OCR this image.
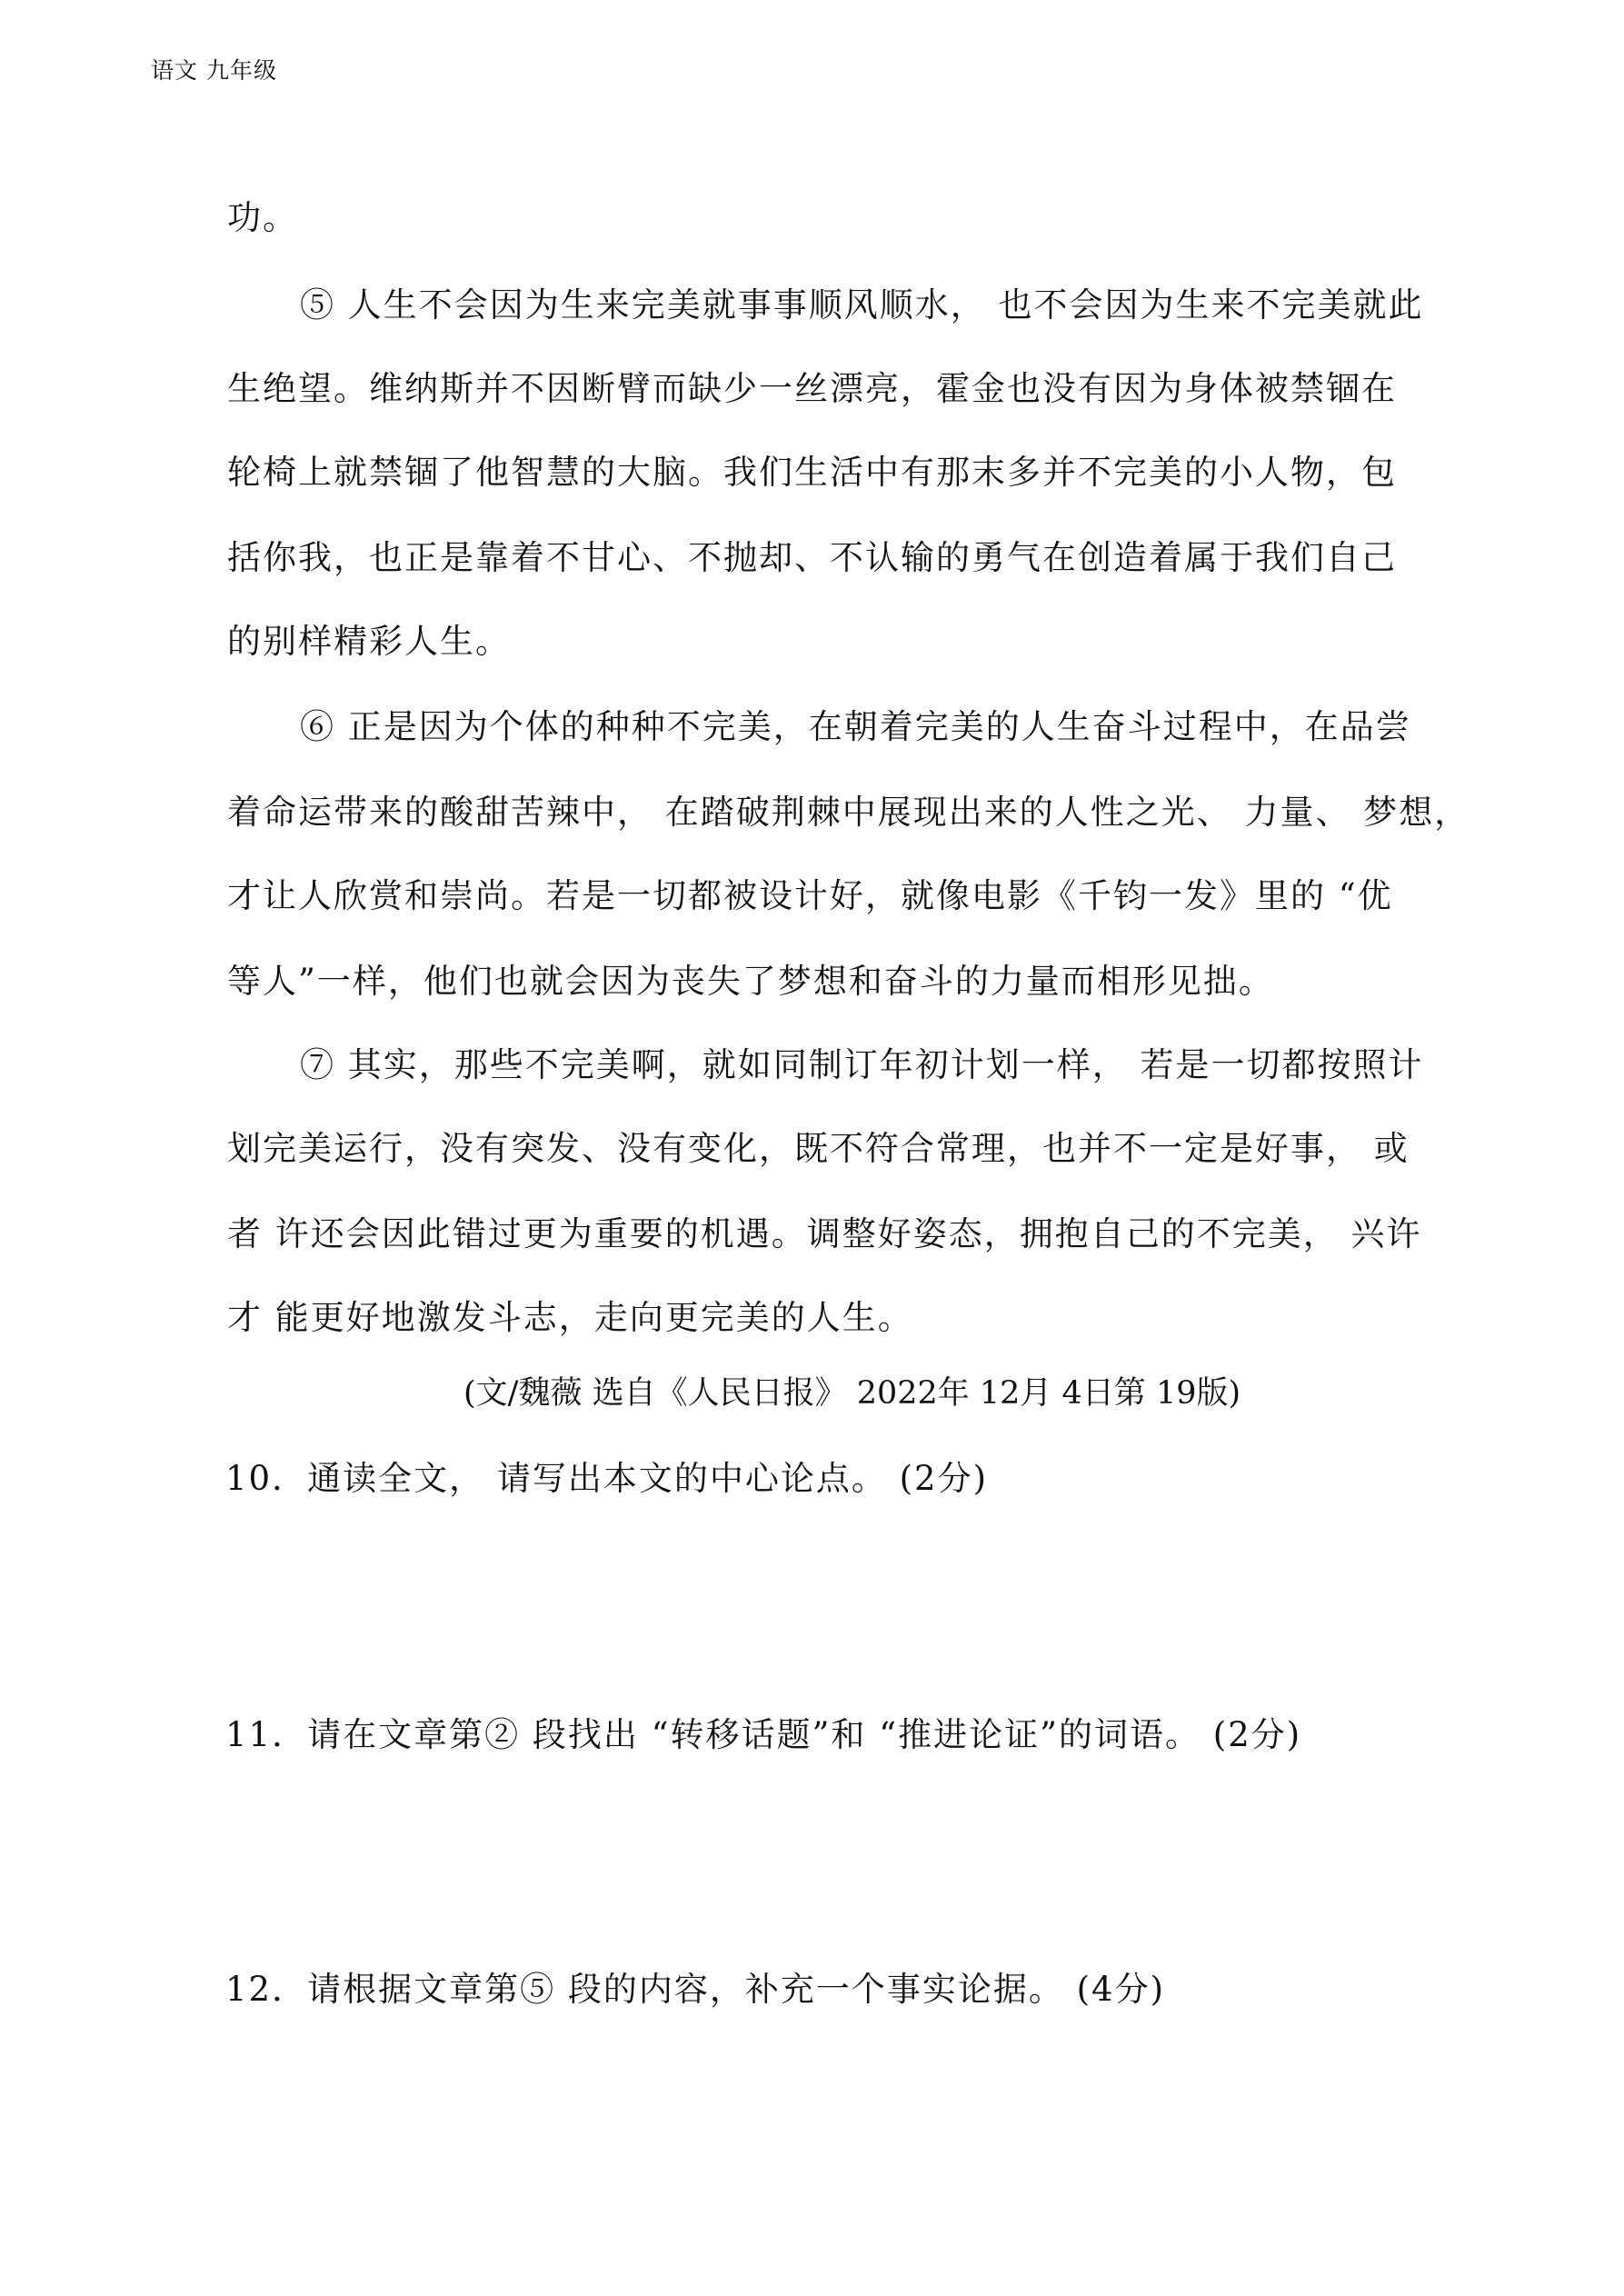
语文 九年级
功。
⑤ 人生不会因为生来完美就事事顺风顺水， 也不会因为生来不完美就此
生绝望。维纳斯并不因断臂而缺少一丝漂亮，霍金也没有因为身体被禁锢在
轮椅上就禁锢了他智慧的大脑。我们生活中有那末多并不完美的小人物，包
括你我，也正是靠着不甘心、不抛却、不认输的勇气在创造着属于我们自己
的别样精彩人生。
⑥ 正是因为个体的种种不完美，在朝着完美的人生奋斗过程中，在品尝
着命运带来的酸甜苦辣中， 在踏破荆棘中展现出来的人性之光、 力量、 梦想，
才让人欣赏和崇尚。若是一切都被设计好，就像电影《千钧一发》里的 “优
等人”一样，他们也就会因为丧失了梦想和奋斗的力量而相形见拙。
⑦ 其实，那些不完美啊，就如同制订年初计划一样， 若是一切都按照计
划完美运行，没有突发、没有变化，既不符合常理，也并不一定是好事， 或
者 许还会因此错过更为重要的机遇。调整好姿态，拥抱自己的不完美， 兴许
才 能更好地激发斗志，走向更完美的人生。
(文/魏薇 选自《人民日报》 2022年 12月 4日第 19版)
10．通读全文， 请写出本文的中心论点。 (2分)
11．请在文章第② 段找出 “转移话题”和 “推进论证”的词语。 (2分)
12．请根据文章第⑤ 段的内容，补充一个事实论据。 (4分)
